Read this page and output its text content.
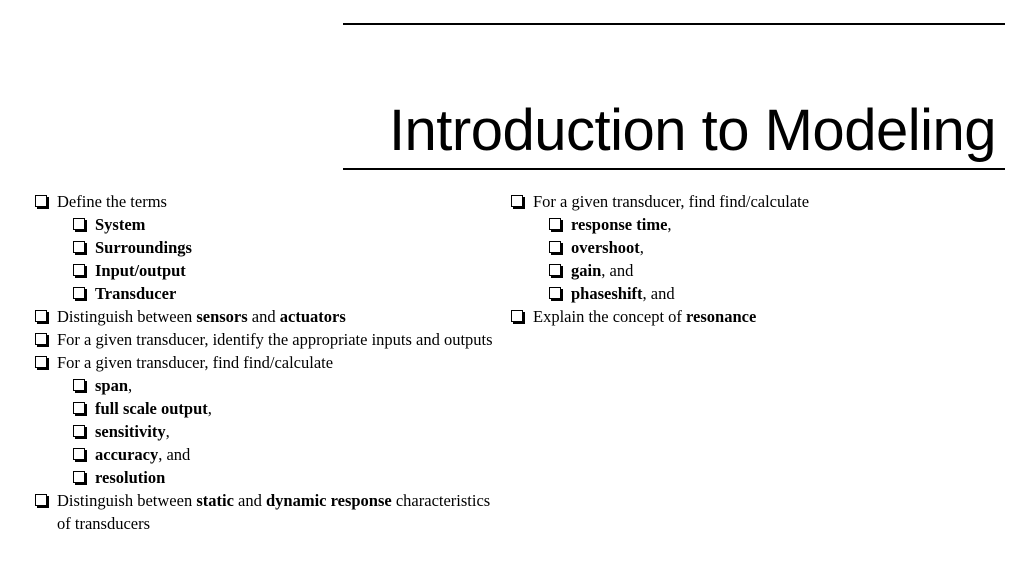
Introduction to Modeling
Define the terms
System
Surroundings
Input/output
Transducer
Distinguish between sensors and actuators
For a given transducer, identify the appropriate inputs and outputs
For a given transducer, find find/calculate
span,
full scale output,
sensitivity,
accuracy, and
resolution
Distinguish between static and dynamic response characteristics of transducers
For a given transducer, find find/calculate
response time,
overshoot,
gain, and
phaseshift, and
Explain the concept of resonance
